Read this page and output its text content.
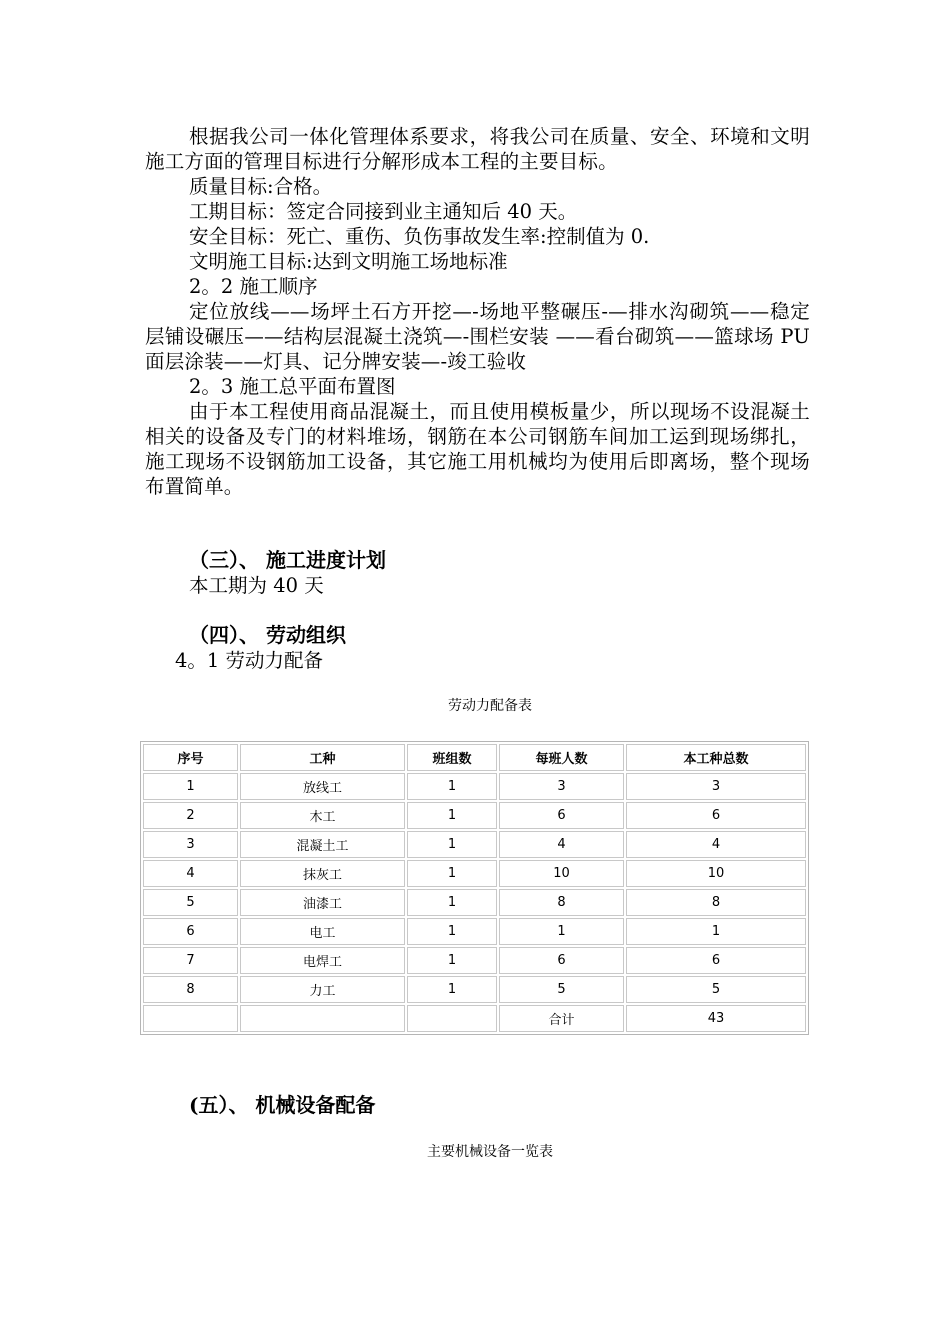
根据我公司一体化管理体系要求，将我公司在质量、安全、环境和文明施工方面的管理目标进行分解形成本工程的主要目标。

质量目标:合格。

工期目标：签定合同接到业主通知后 40 天。

安全目标：死亡、重伤、负伤事故发生率:控制值为 0.

文明施工目标:达到文明施工场地标准

2。2 施工顺序

定位放线——场坪土石方开挖—-场地平整碾压-—排水沟砌筑——稳定层铺设碾压——结构层混凝土浇筑—-围栏安装 ——看台砌筑——篮球场 PU 面层涂装——灯具、记分牌安装—-竣工验收

2。3 施工总平面布置图

由于本工程使用商品混凝土，而且使用模板量少，所以现场不设混凝土相关的设备及专门的材料堆场，钢筋在本公司钢筋车间加工运到现场绑扎，施工现场不设钢筋加工设备，其它施工用机械均为使用后即离场，整个现场布置简单。

（三）、 施工进度计划

本工期为 40 天

（四）、 劳动组织

4。1 劳动力配备

劳动力配备表

序号	工种	班组数	每班人数	本工种总数
1	放线工	1	3	3
2	木工	1	6	6
3	混凝土工	1	4	4
4	抹灰工	1	10	10
5	油漆工	1	8	8
6	电工	1	1	1
7	电焊工	1	6	6
8	力工	1	5	5
			合计	43

(五）、 机械设备配备

主要机械设备一览表
